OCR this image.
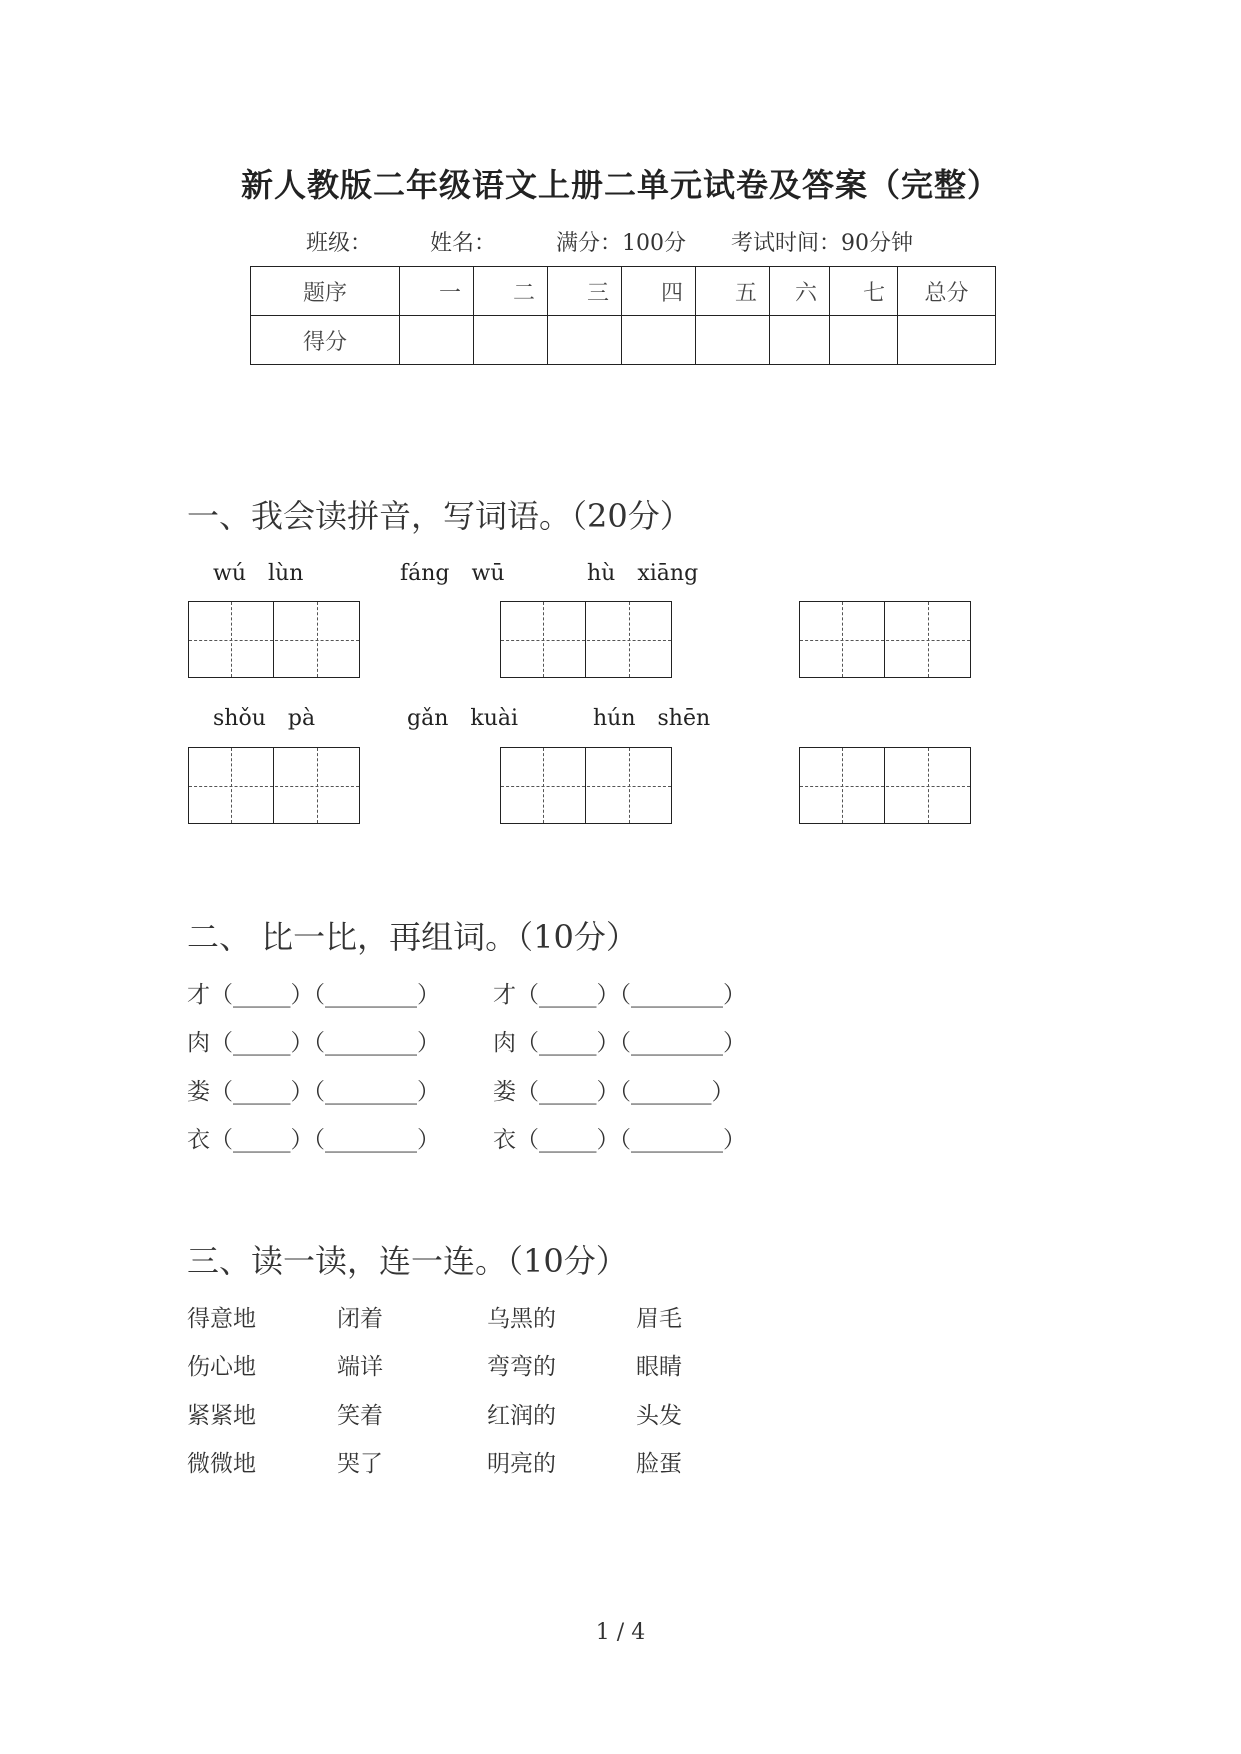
新人教版二年级语文上册二单元试卷及答案（完整）
班级：	姓名：	满分：100分 考试时间：90分钟
题序	一	二	三	四	五	六	七	总分
得分								
一、我会读拼音，写词语。（20分）
wú　lùn	fáng　wū	hù　xiāng
shǒu　pà	gǎn　kuài	hún　shēn
二、 比一比，再组词。（10分）
才（_____）（________） 才（_____）（________）
肉（_____）（________） 肉（_____）（________）
娄（_____）（________） 娄（_____）（_______）
衣（_____）（________） 衣（_____）（________）
三、读一读，连一连。（10分）
得意地	闭着	乌黑的	眉毛
伤心地	端详	弯弯的	眼睛
紧紧地	笑着	红润的	头发
微微地	哭了	明亮的	脸蛋
1 / 4
